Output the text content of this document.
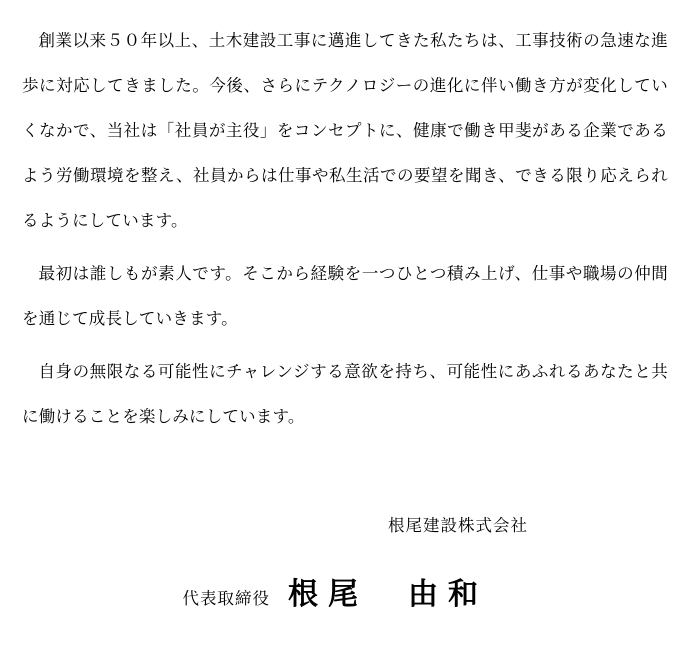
創業以来５０年以上、土木建設工事に邁進してきた私たちは、工事技術の急速な進歩に対応してきました。今後、さらにテクノロジーの進化に伴い働き方が変化していくなかで、当社は「社員が主役」をコンセプトに、健康で働き甲斐がある企業であるよう労働環境を整え、社員からは仕事や私生活での要望を聞き、できる限り応えられるようにしています。

最初は誰しもが素人です。そこから経験を一つひとつ積み上げ、仕事や職場の仲間を通じて成長していきます。

自身の無限なる可能性にチャレンジする意欲を持ち、可能性にあふれるあなたと共に働けることを楽しみにしています。

根尾建設株式会社
代表取締役 根尾　由和
